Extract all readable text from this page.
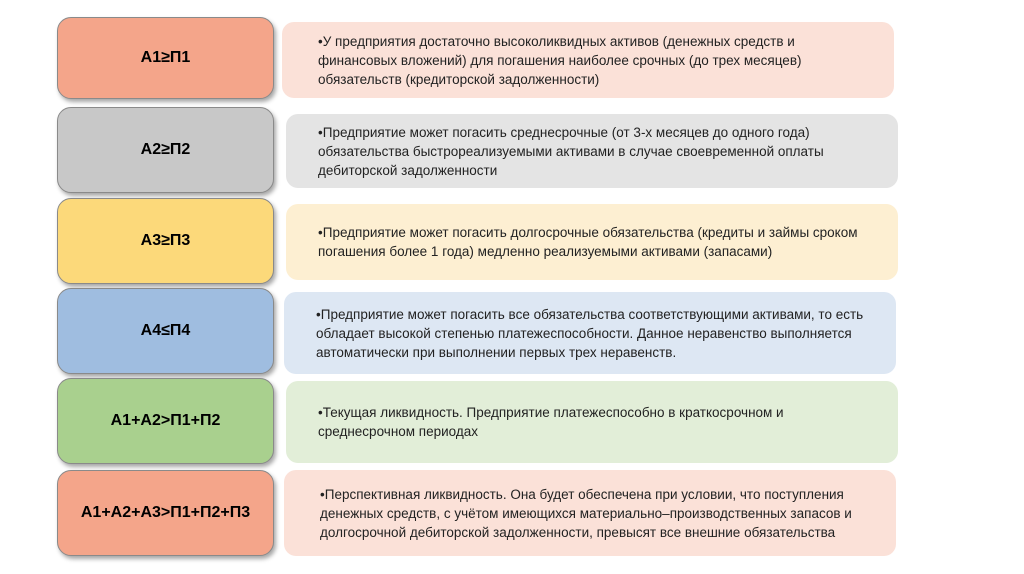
А1≥П1
•У предприятия достаточно высоколиквидных активов (денежных средств и финансовых вложений) для погашения наиболее срочных (до трех месяцев) обязательств (кредиторской задолженности)
А2≥П2
•Предприятие может погасить среднесрочные (от 3-х месяцев до одного года) обязательства быстрореализуемыми активами в случае своевременной оплаты дебиторской задолженности
А3≥П3	•Предприятие может погасить долгосрочные обязательства (кредиты и займы сроком погашения более 1 года) медленно реализуемыми активами (запасами)
А4≤П4
•Предприятие может погасить все обязательства соответствующими активами, то есть обладает высокой степенью платежеспособности. Данное неравенство выполняется автоматически при выполнении первых трех неравенств.
А1+А2>П1+П2	•Текущая ликвидность. Предприятие платежеспособно в краткосрочном и среднесрочном периодах
А1+А2+А3>П1+П2+П3
•Перспективная ликвидность. Она будет обеспечена при условии, что поступления денежных средств, с учётом имеющихся материально–производственных запасов и долгосрочной дебиторской задолженности, превысят все внешние обязательства
